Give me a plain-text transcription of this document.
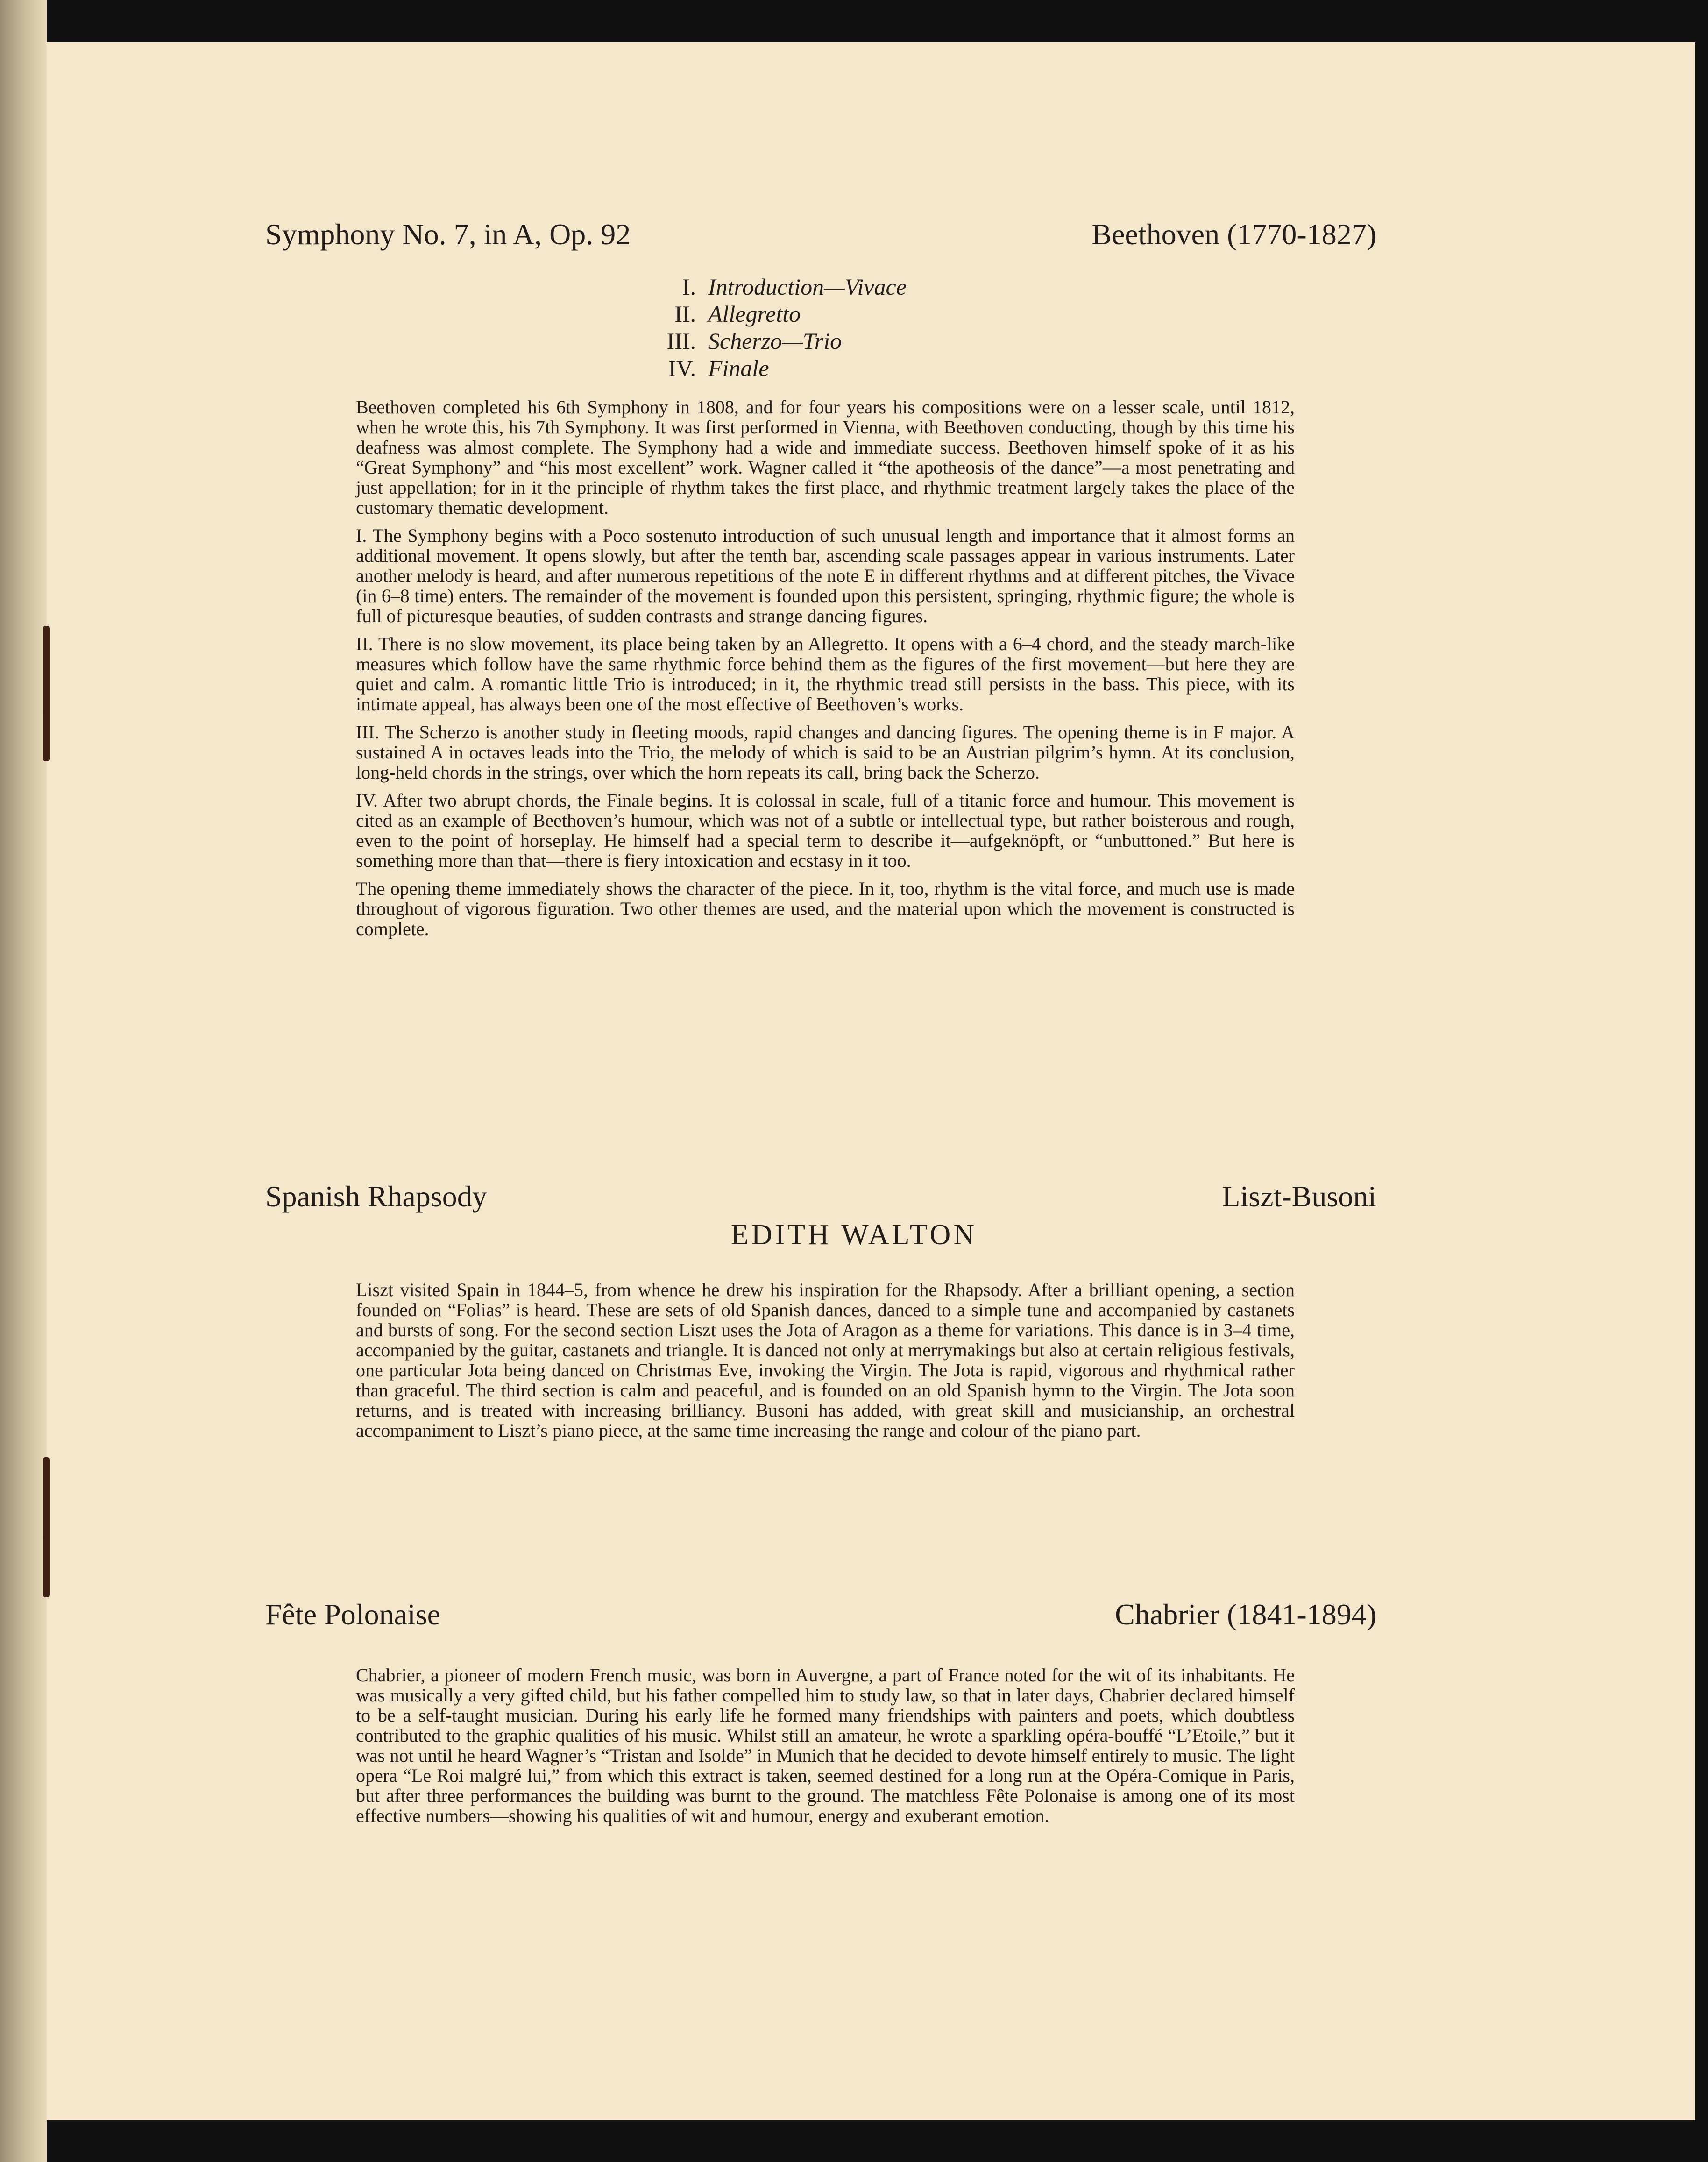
Symphony No. 7, in A, Op. 92	Beethoven (1770-1827)
I. Introduction—Vivace
II. Allegretto
III. Scherzo—Trio
IV. Finale

Beethoven completed his 6th Symphony in 1808, and for four years his compositions were on a lesser scale, until 1812, when he wrote this, his 7th Symphony. It was first performed in Vienna, with Beethoven conducting, though by this time his deafness was almost complete. The Symphony had a wide and immediate success. Beethoven himself spoke of it as his “Great Symphony” and “his most excellent” work. Wagner called it “the apotheosis of the dance”—a most penetrating and just appellation; for in it the principle of rhythm takes the first place, and rhythmic treatment largely takes the place of the customary thematic development.

I. The Symphony begins with a Poco sostenuto introduction of such unusual length and importance that it almost forms an additional movement. It opens slowly, but after the tenth bar, ascending scale passages appear in various instruments. Later another melody is heard, and after numerous repetitions of the note E in different rhythms and at different pitches, the Vivace (in 6–8 time) enters. The remainder of the movement is founded upon this persistent, springing, rhythmic figure; the whole is full of picturesque beauties, of sudden contrasts and strange dancing figures.

II. There is no slow movement, its place being taken by an Allegretto. It opens with a 6–4 chord, and the steady march-like measures which follow have the same rhythmic force behind them as the figures of the first movement—but here they are quiet and calm. A romantic little Trio is introduced; in it, the rhythmic tread still persists in the bass. This piece, with its intimate appeal, has always been one of the most effective of Beethoven’s works.

III. The Scherzo is another study in fleeting moods, rapid changes and dancing figures. The opening theme is in F major. A sustained A in octaves leads into the Trio, the melody of which is said to be an Austrian pilgrim’s hymn. At its conclusion, long-held chords in the strings, over which the horn repeats its call, bring back the Scherzo.

IV. After two abrupt chords, the Finale begins. It is colossal in scale, full of a titanic force and humour. This movement is cited as an example of Beethoven’s humour, which was not of a subtle or intellectual type, but rather boisterous and rough, even to the point of horseplay. He himself had a special term to describe it—aufgeknöpft, or “unbuttoned.” But here is something more than that—there is fiery intoxication and ecstasy in it too.

The opening theme immediately shows the character of the piece. In it, too, rhythm is the vital force, and much use is made throughout of vigorous figuration. Two other themes are used, and the material upon which the movement is constructed is complete.

Spanish Rhapsody	Liszt-Busoni
EDITH WALTON

Liszt visited Spain in 1844–5, from whence he drew his inspiration for the Rhapsody. After a brilliant opening, a section founded on “Folias” is heard. These are sets of old Spanish dances, danced to a simple tune and accompanied by castanets and bursts of song. For the second section Liszt uses the Jota of Aragon as a theme for variations. This dance is in 3–4 time, accompanied by the guitar, castanets and triangle. It is danced not only at merrymakings but also at certain religious festivals, one particular Jota being danced on Christmas Eve, invoking the Virgin. The Jota is rapid, vigorous and rhythmical rather than graceful. The third section is calm and peaceful, and is founded on an old Spanish hymn to the Virgin. The Jota soon returns, and is treated with increasing brilliancy. Busoni has added, with great skill and musicianship, an orchestral accompaniment to Liszt’s piano piece, at the same time increasing the range and colour of the piano part.

Fête Polonaise	Chabrier (1841-1894)

Chabrier, a pioneer of modern French music, was born in Auvergne, a part of France noted for the wit of its inhabitants. He was musically a very gifted child, but his father compelled him to study law, so that in later days, Chabrier declared himself to be a self-taught musician. During his early life he formed many friendships with painters and poets, which doubtless contributed to the graphic qualities of his music. Whilst still an amateur, he wrote a sparkling opéra-bouffé “L’Etoile,” but it was not until he heard Wagner’s “Tristan and Isolde” in Munich that he decided to devote himself entirely to music. The light opera “Le Roi malgré lui,” from which this extract is taken, seemed destined for a long run at the Opéra-Comique in Paris, but after three performances the building was burnt to the ground. The matchless Fête Polonaise is among one of its most effective numbers—showing his qualities of wit and humour, energy and exuberant emotion.
